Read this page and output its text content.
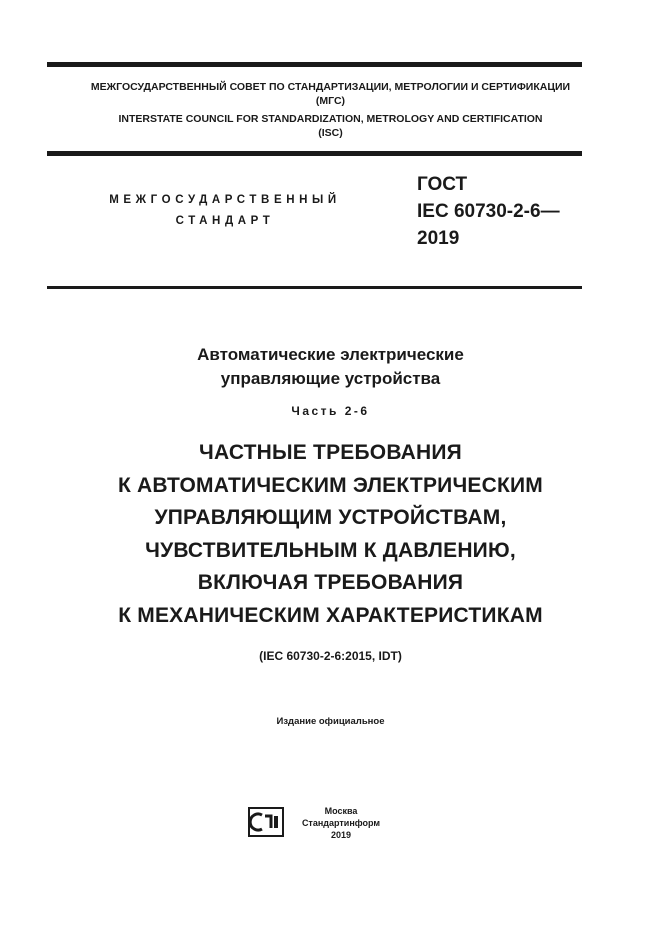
МЕЖГОСУДАРСТВЕННЫЙ СОВЕТ ПО СТАНДАРТИЗАЦИИ, МЕТРОЛОГИИ И СЕРТИФИКАЦИИ
(МГС)
INTERSTATE COUNCIL FOR STANDARDIZATION, METROLOGY AND CERTIFICATION
(ISC)
МЕЖГОСУДАРСТВЕННЫЙ
СТАНДАРТ
ГОСТ
IEC 60730-2-6—
2019
Автоматические электрические
управляющие устройства
Часть 2-6
ЧАСТНЫЕ ТРЕБОВАНИЯ
К АВТОМАТИЧЕСКИМ ЭЛЕКТРИЧЕСКИМ
УПРАВЛЯЮЩИМ УСТРОЙСТВАМ,
ЧУВСТВИТЕЛЬНЫМ К ДАВЛЕНИЮ,
ВКЛЮЧАЯ ТРЕБОВАНИЯ
К МЕХАНИЧЕСКИМ ХАРАКТЕРИСТИКАМ
(IEC 60730-2-6:2015, IDT)
Издание официальное
Москва
Стандартинформ
2019
